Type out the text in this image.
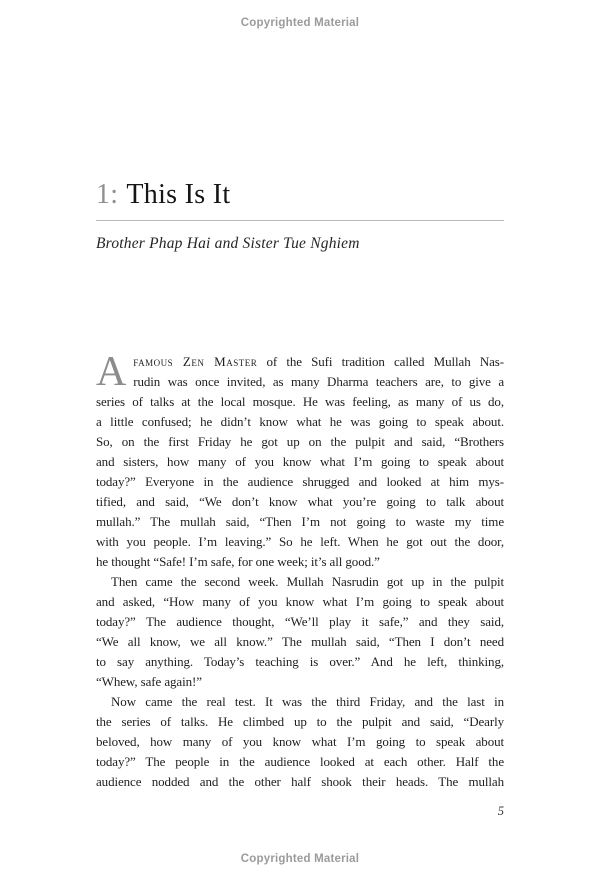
Copyrighted Material
1: This Is It
Brother Phap Hai and Sister Tue Nghiem
A famous Zen Master of the Sufi tradition called Mullah Nas-
rudin was once invited, as many Dharma teachers are, to give a
series of talks at the local mosque. He was feeling, as many of us do,
a little confused; he didn’t know what he was going to speak about.
So, on the first Friday he got up on the pulpit and said, “Brothers
and sisters, how many of you know what I’m going to speak about
today?” Everyone in the audience shrugged and looked at him mys-
tified, and said, “We don’t know what you’re going to talk about
mullah.” The mullah said, “Then I’m not going to waste my time
with you people. I’m leaving.” So he left. When he got out the door,
he thought “Safe! I’m safe, for one week; it’s all good.”
Then came the second week. Mullah Nasrudin got up in the pulpit
and asked, “How many of you know what I’m going to speak about
today?” The audience thought, “We’ll play it safe,” and they said,
“We all know, we all know.” The mullah said, “Then I don’t need
to say anything. Today’s teaching is over.” And he left, thinking,
“Whew, safe again!”
Now came the real test. It was the third Friday, and the last in
the series of talks. He climbed up to the pulpit and said, “Dearly
beloved, how many of you know what I’m going to speak about
today?” The people in the audience looked at each other. Half the
audience nodded and the other half shook their heads. The mullah
5
Copyrighted Material
